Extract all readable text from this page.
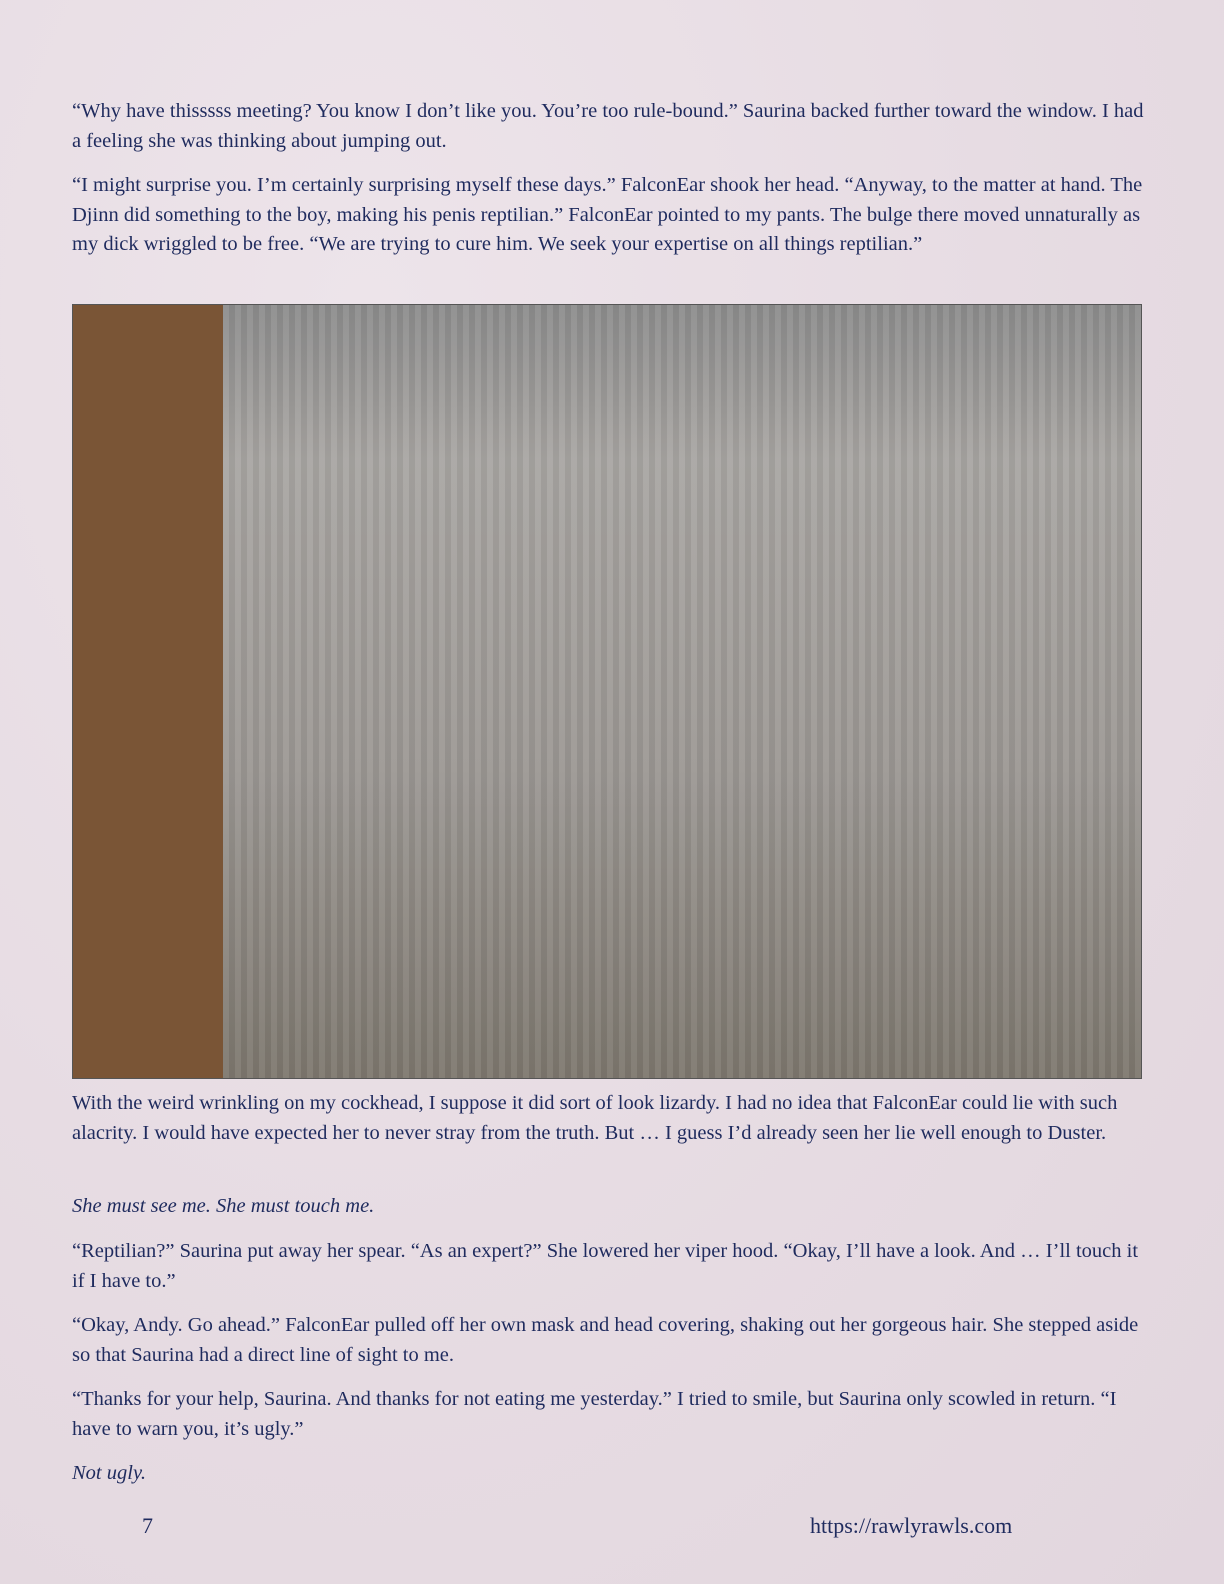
“Why have thisssss meeting? You know I don’t like you. You’re too rule-bound.” Saurina backed further toward the window. I had a feeling she was thinking about jumping out.

“I might surprise you. I’m certainly surprising myself these days.” FalconEar shook her head. “Anyway, to the matter at hand. The Djinn did something to the boy, making his penis reptilian.” FalconEar pointed to my pants. The bulge there moved unnaturally as my dick wriggled to be free. “We are trying to cure him. We seek your expertise on all things reptilian.”

With the weird wrinkling on my cockhead, I suppose it did sort of look lizardy. I had no idea that FalconEar could lie with such alacrity. I would have expected her to never stray from the truth. But … I guess I’d already seen her lie well enough to Duster.

She must see me. She must touch me.

“Reptilian?” Saurina put away her spear. “As an expert?” She lowered her viper hood. “Okay, I’ll have a look. And … I’ll touch it if I have to.”

“Okay, Andy. Go ahead.” FalconEar pulled off her own mask and head covering, shaking out her gorgeous hair. She stepped aside so that Saurina had a direct line of sight to me.

“Thanks for your help, Saurina. And thanks for not eating me yesterday.” I tried to smile, but Saurina only scowled in return. “I have to warn you, it’s ugly.”

Not ugly.

7	https://rawlyrawls.com
